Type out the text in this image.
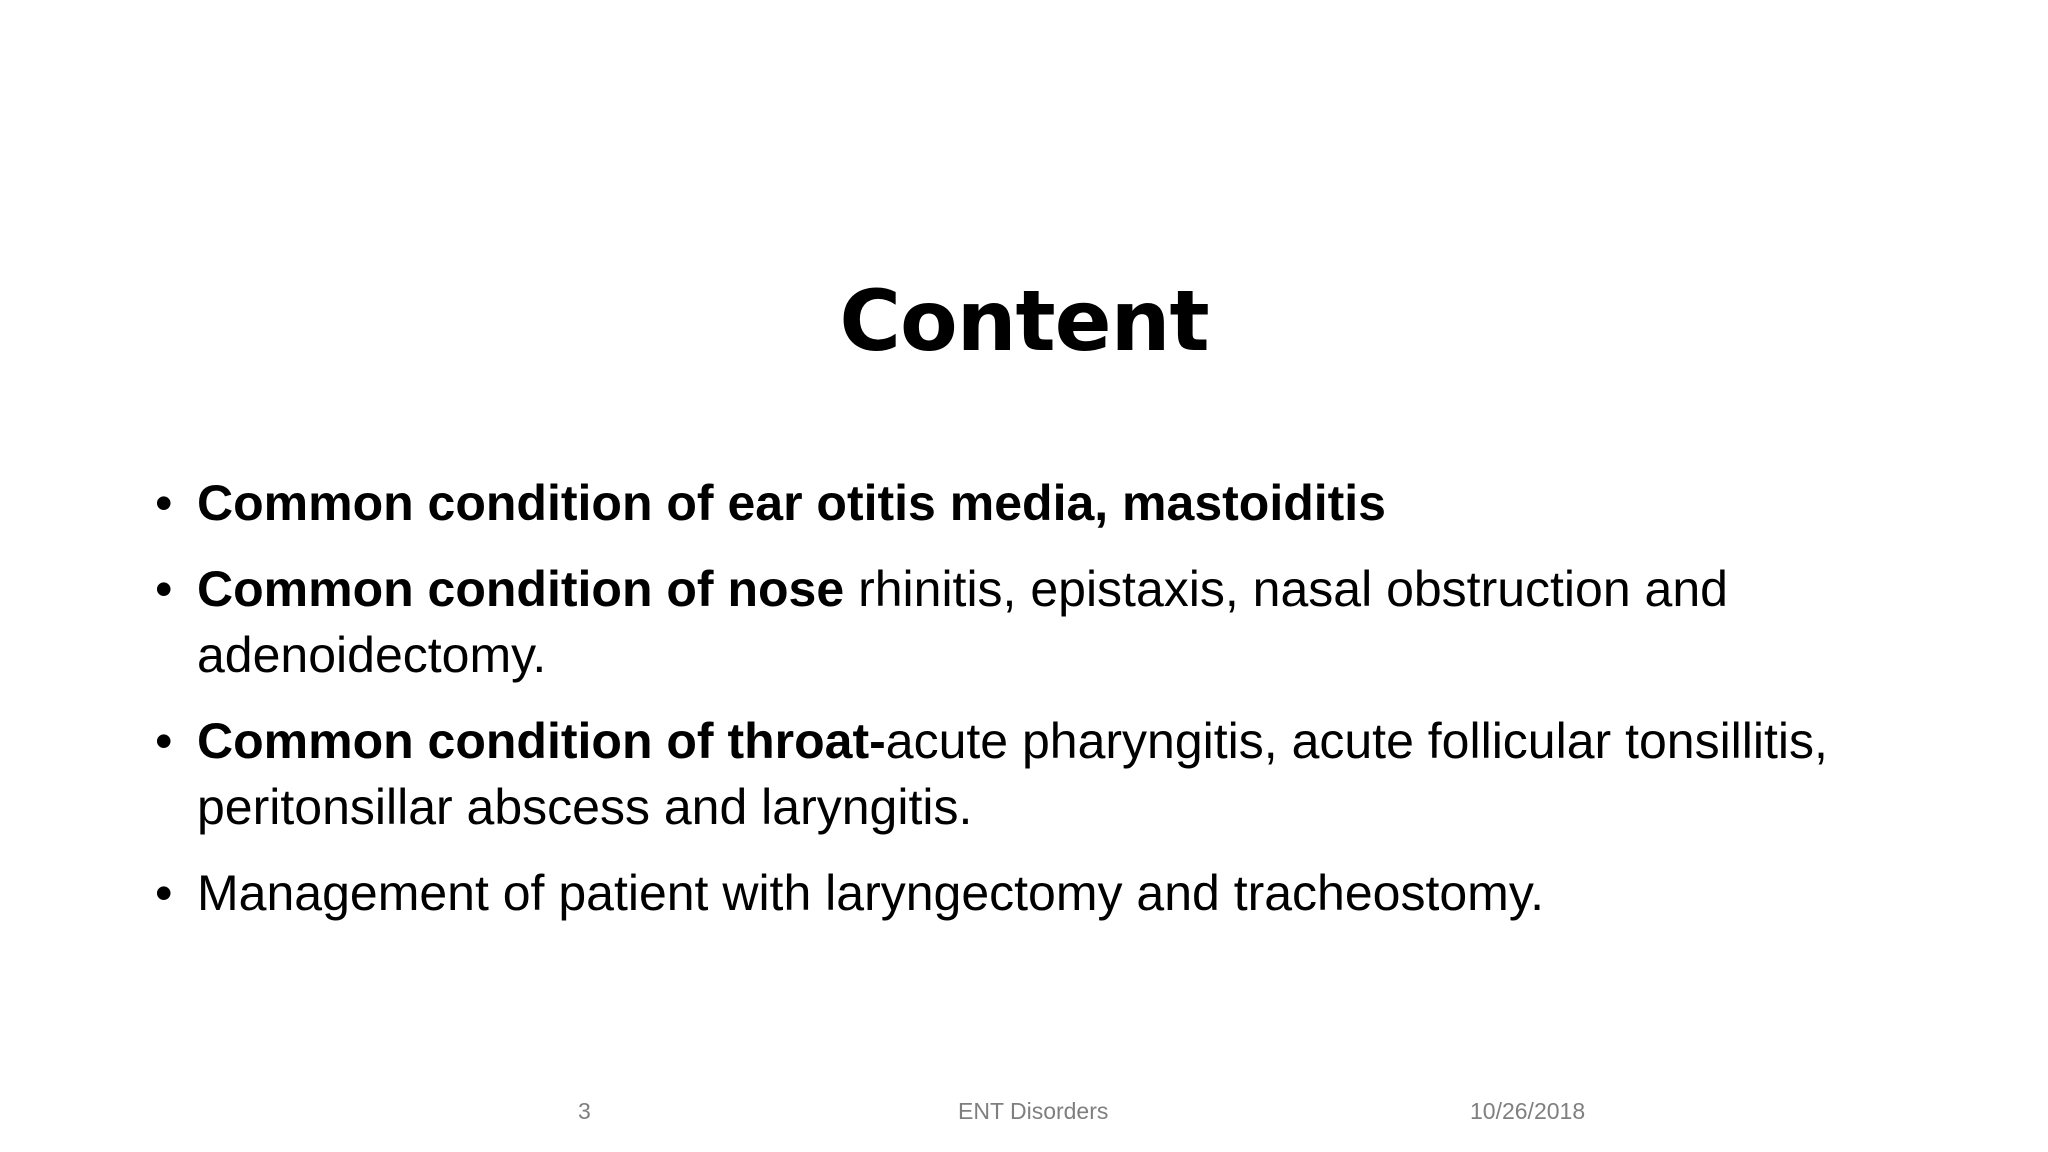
Content
• Common condition of ear otitis media, mastoiditis
• Common condition of nose rhinitis, epistaxis, nasal obstruction and adenoidectomy.
• Common condition of throat-acute pharyngitis, acute follicular tonsillitis, peritonsillar abscess and laryngitis.
• Management of patient with laryngectomy and tracheostomy.
3	ENT Disorders	10/26/2018
